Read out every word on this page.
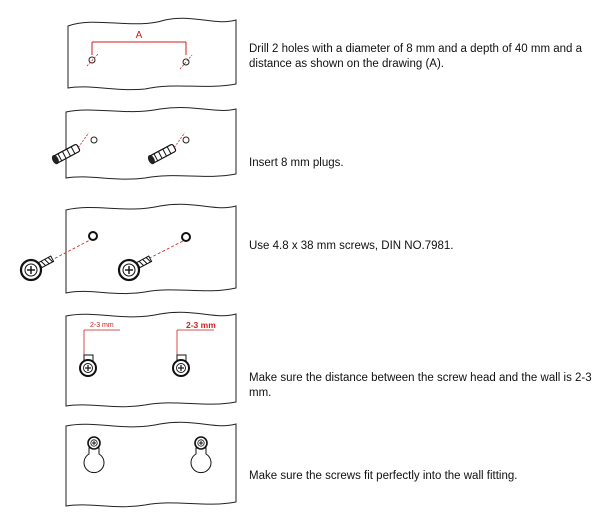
A

Drill 2 holes with a diameter of 8 mm and a depth of 40 mm and a distance as shown on the drawing (A).

Insert 8 mm plugs.

Use 4.8 x 38 mm screws, DIN NO.7981.

2-3 mm	2-3 mm

Make sure the distance between the screw head and the wall is 2-3 mm.

Make sure the screws fit perfectly into the wall fitting.
